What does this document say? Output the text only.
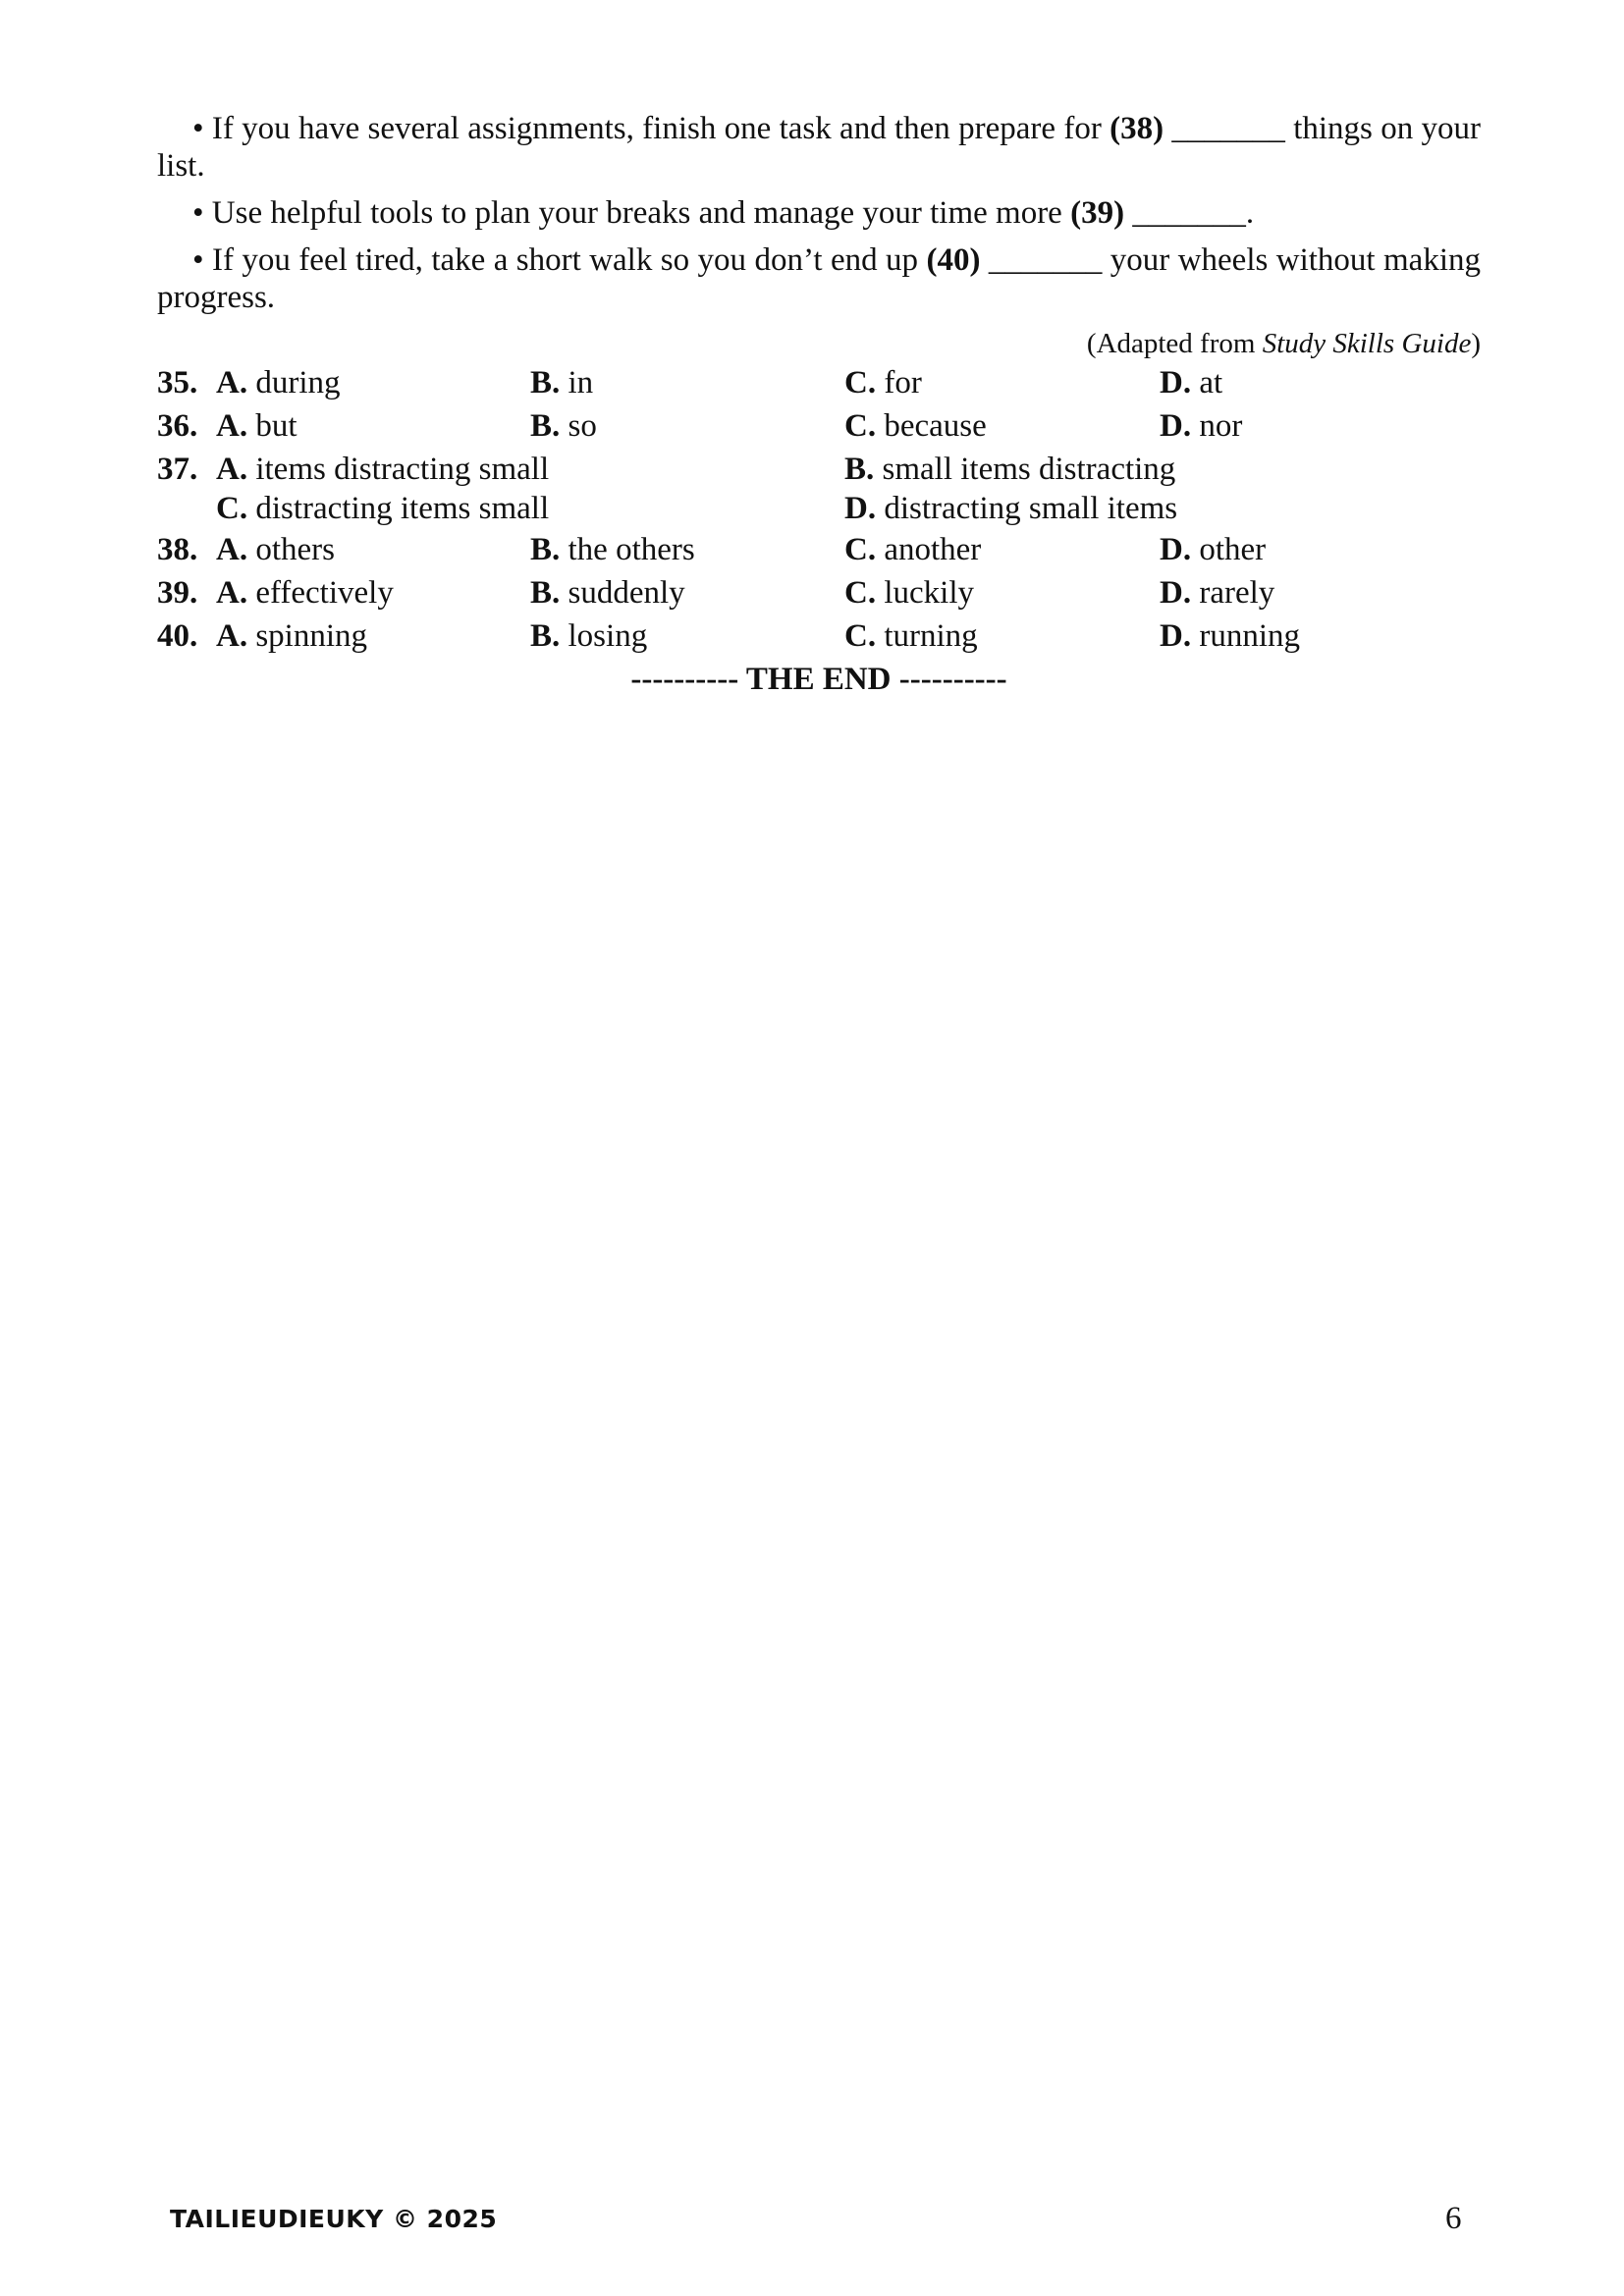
• If you have several assignments, finish one task and then prepare for (38) _______ things on your list.

• Use helpful tools to plan your breaks and manage your time more (39) _______.

• If you feel tired, take a short walk so you don’t end up (40) _______ your wheels without making progress.

(Adapted from Study Skills Guide)

35. A. during	B. in	C. for	D. at
36. A. but	B. so	C. because	D. nor
37. A. items distracting small	B. small items distracting
C. distracting items small	D. distracting small items
38. A. others	B. the others	C. another	D. other
39. A. effectively	B. suddenly	C. luckily	D. rarely
40. A. spinning	B. losing	C. turning	D. running
---------- THE END ----------
TAILIEUDIEUKY © 2025	6
